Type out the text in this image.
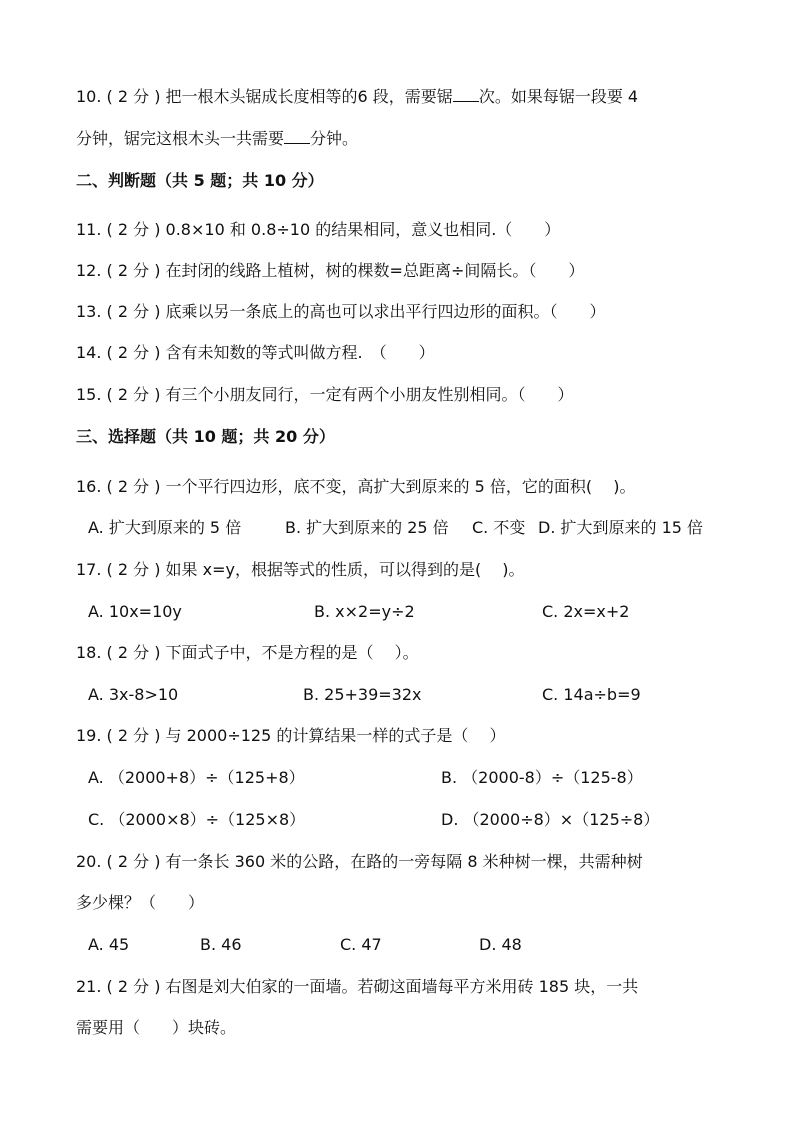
10. ( 2 分 ) 把一根木头锯成长度相等的6 段，需要锯 次。如果每锯一段要 4
分钟，锯完这根木头一共需要 分钟。
二、判断题（共 5 题；共 10 分）
11. ( 2 分 ) 0.8×10 和 0.8÷10 的结果相同，意义也相同.（　　）
12. ( 2 分 ) 在封闭的线路上植树，树的棵数=总距离÷间隔长。（　　）
13. ( 2 分 ) 底乘以另一条底上的高也可以求出平行四边形的面积。（　　）
14. ( 2 分 ) 含有未知数的等式叫做方程.　（　　）
15. ( 2 分 ) 有三个小朋友同行，一定有两个小朋友性别相同。（　　）
三、选择题（共 10 题；共 20 分）
16. ( 2 分 ) 一个平行四边形，底不变，高扩大到原来的 5 倍，它的面积(　 )。
A. 扩大到原来的 5 倍	B. 扩大到原来的 25 倍 C. 不变 D. 扩大到原来的 15 倍
17. ( 2 分 ) 如果 x=y，根据等式的性质，可以得到的是(　 )。
A. 10x=10y	B. x×2=y÷2	C. 2x=x+2
18. ( 2 分 ) 下面式子中，不是方程的是（　 ）。
A. 3x-8>10	B. 25+39=32x	C. 14a÷b=9
19. ( 2 分 ) 与 2000÷125 的计算结果一样的式子是（　 ）
A. （2000+8）÷（125+8）	B. （2000-8）÷（125-8）
C. （2000×8）÷（125×8）	D. （2000÷8）×（125÷8）
20. ( 2 分 ) 有一条长 360 米的公路，在路的一旁每隔 8 米种树一棵，共需种树
多少棵？（　　）
A. 45	B. 46	C. 47	D. 48
21. ( 2 分 ) 右图是刘大伯家的一面墙。若砌这面墙每平方米用砖 185 块，一共
需要用（　　）块砖。
